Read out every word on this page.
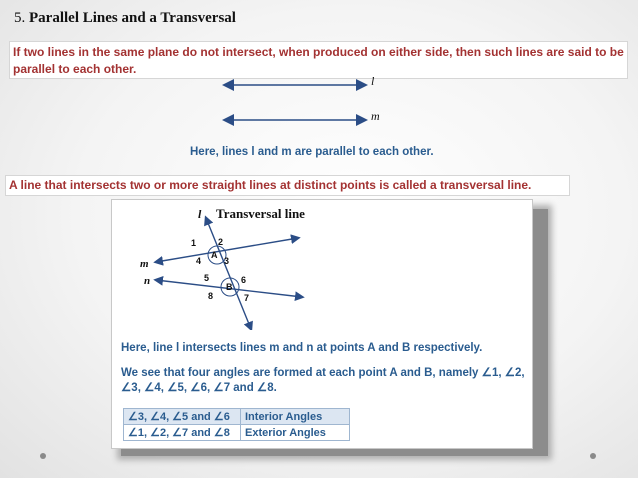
5. Parallel Lines and a Transversal
If two lines in the same plane do not intersect, when produced on either side, then such lines are said to be parallel to each other.
l
m
Here, lines l and m are parallel to each other.
A line that intersects two or more straight lines at distinct points is called a transversal line.
l
m
n
A
B
1 2
3
4
5	6
7
8
Transversal line
Here, line l intersects lines m and n at points A and B respectively.
We see that four angles are formed at each point A and B, namely ∠1, ∠2, ∠3, ∠4, ∠5, ∠6, ∠7 and ∠8.
∠3, ∠4, ∠5 and ∠6	Interior Angles
∠1, ∠2, ∠7 and ∠8	Exterior Angles
